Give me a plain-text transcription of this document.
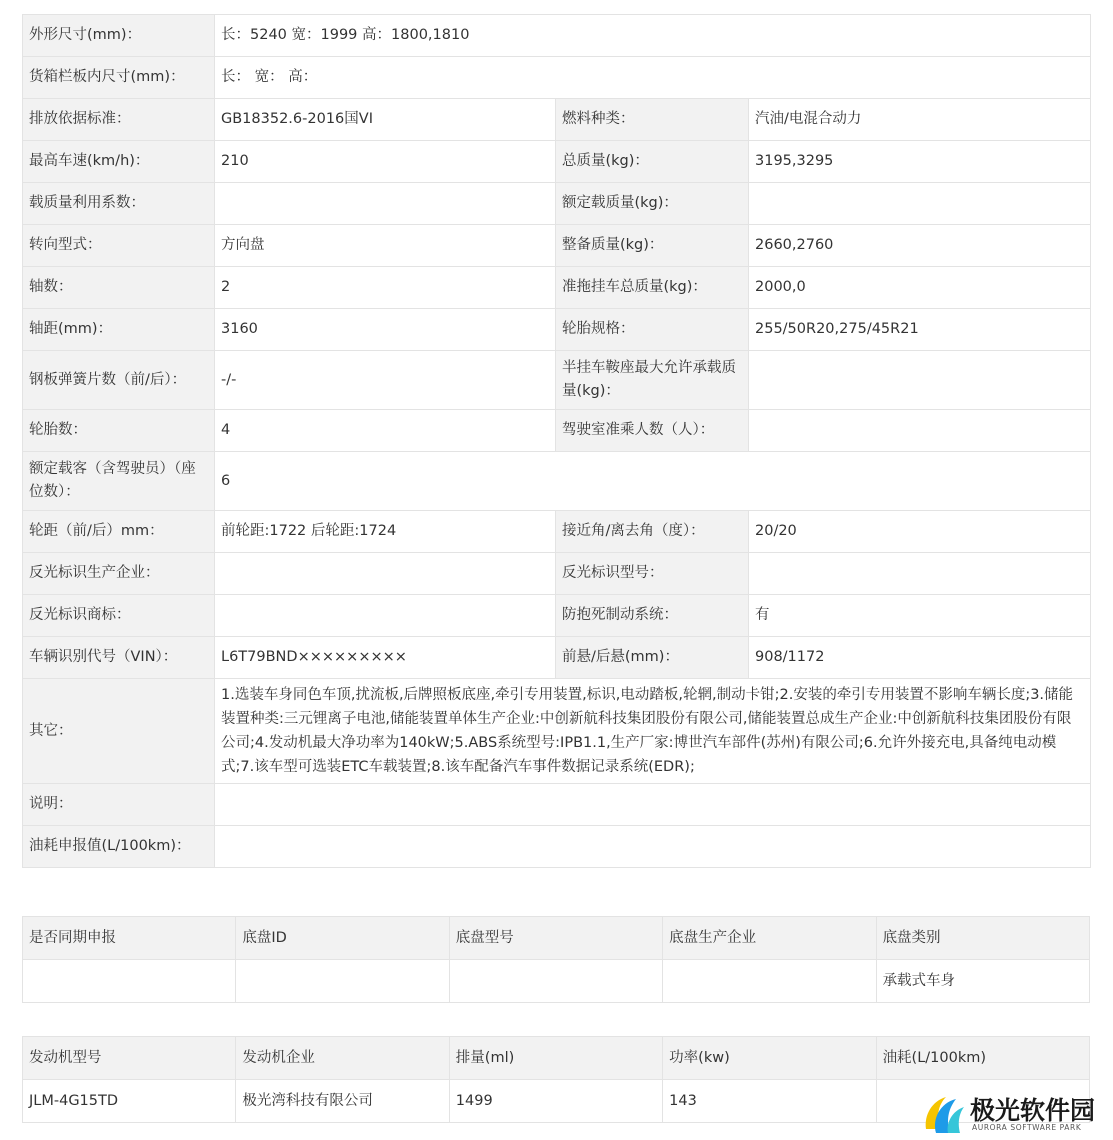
外形尺寸(mm)：	长：5240 宽：1999 高：1800,1810		
货箱栏板内尺寸(mm)：	长： 宽： 高：		
排放依据标准：	GB18352.6-2016国VI	燃料种类：	汽油/电混合动力
最高车速(km/h)：	210	总质量(kg)：	3195,3295
载质量利用系数：		额定载质量(kg)：	
转向型式：	方向盘	整备质量(kg)：	2660,2760
轴数：	2	准拖挂车总质量(kg)：	2000,0
轴距(mm)：	3160	轮胎规格：	255/50R20,275/45R21
钢板弹簧片数（前/后）：	-/-	半挂车鞍座最大允许承载质量(kg)：	
轮胎数：	4	驾驶室准乘人数（人）：	
额定载客（含驾驶员）（座位数）：	6		
轮距（前/后）mm：	前轮距:1722 后轮距:1724	接近角/离去角（度）：	20/20
反光标识生产企业：		反光标识型号：	
反光标识商标：		防抱死制动系统：	有
车辆识别代号（VIN）：	L6T79BND×××××××××	前悬/后悬(mm)：	908/1172
其它：	1.选装车身同色车顶,扰流板,后牌照板底座,牵引专用装置,标识,电动踏板,轮辋,制动卡钳;2.安装的牵引专用装置不影响车辆长度;3.储能装置种类:三元锂离子电池,储能装置单体生产企业:中创新航科技集团股份有限公司,储能装置总成生产企业:中创新航科技集团股份有限公司;4.发动机最大净功率为140kW;5.ABS系统型号:IPB1.1,生产厂家:博世汽车部件(苏州)有限公司;6.允许外接充电,具备纯电动模式;7.该车型可选装ETC车载装置;8.该车配备汽车事件数据记录系统(EDR);		
说明：			
油耗申报值(L/100km)：			
是否同期申报	底盘ID	底盘型号	底盘生产企业	底盘类别
				承载式车身
发动机型号	发动机企业	排量(ml)	功率(kw)	油耗(L/100km)
JLM-4G15TD	极光湾科技有限公司	1499	143		极光软件园
AURORA SOFTWARE PARK
